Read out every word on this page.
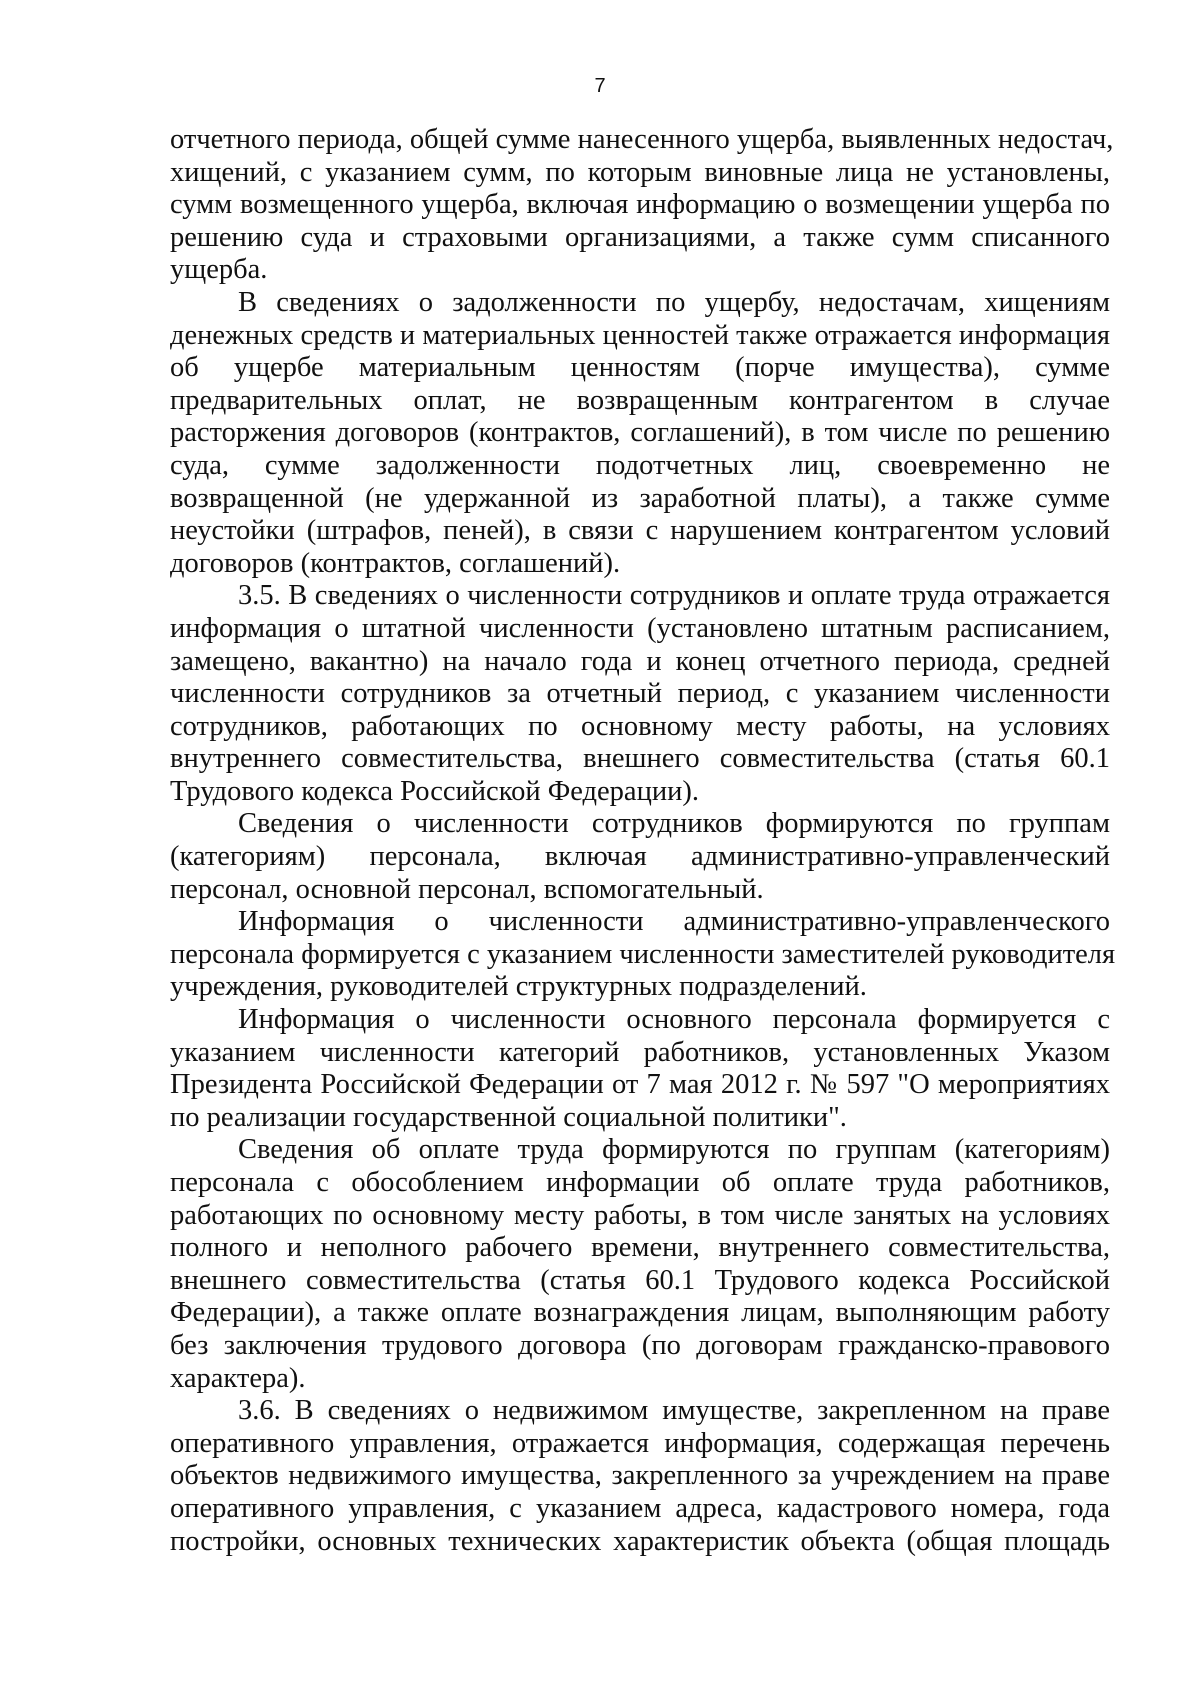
7
отчетного периода, общей сумме нанесенного ущерба, выявленных недостач,
хищений, с указанием сумм, по которым виновные лица не установлены,
сумм возмещенного ущерба, включая информацию о возмещении ущерба по
решению суда и страховыми организациями, а также сумм списанного
ущерба.
В сведениях о задолженности по ущербу, недостачам, хищениям
денежных средств и материальных ценностей также отражается информация
об ущербе материальным ценностям (порче имущества), сумме
предварительных оплат, не возвращенным контрагентом в случае
расторжения договоров (контрактов, соглашений), в том числе по решению
суда, сумме задолженности подотчетных лиц, своевременно не
возвращенной (не удержанной из заработной платы), а также сумме
неустойки (штрафов, пеней), в связи с нарушением контрагентом условий
договоров (контрактов, соглашений).
3.5. В сведениях о численности сотрудников и оплате труда отражается
информация о штатной численности (установлено штатным расписанием,
замещено, вакантно) на начало года и конец отчетного периода, средней
численности сотрудников за отчетный период, с указанием численности
сотрудников, работающих по основному месту работы, на условиях
внутреннего совместительства, внешнего совместительства (статья 60.1
Трудового кодекса Российской Федерации).
Сведения о численности сотрудников формируются по группам
(категориям) персонала, включая административно-управленческий
персонал, основной персонал, вспомогательный.
Информация о численности административно-управленческого
персонала формируется с указанием численности заместителей руководителя
учреждения, руководителей структурных подразделений.
Информация о численности основного персонала формируется с
указанием численности категорий работников, установленных Указом
Президента Российской Федерации от 7 мая 2012 г. № 597 "О мероприятиях
по реализации государственной социальной политики".
Сведения об оплате труда формируются по группам (категориям)
персонала с обособлением информации об оплате труда работников,
работающих по основному месту работы, в том числе занятых на условиях
полного и неполного рабочего времени, внутреннего совместительства,
внешнего совместительства (статья 60.1 Трудового кодекса Российской
Федерации), а также оплате вознаграждения лицам, выполняющим работу
без заключения трудового договора (по договорам гражданско-правового
характера).
3.6. В сведениях о недвижимом имуществе, закрепленном на праве
оперативного управления, отражается информация, содержащая перечень
объектов недвижимого имущества, закрепленного за учреждением на праве
оперативного управления, с указанием адреса, кадастрового номера, года
постройки, основных технических характеристик объекта (общая площадь
